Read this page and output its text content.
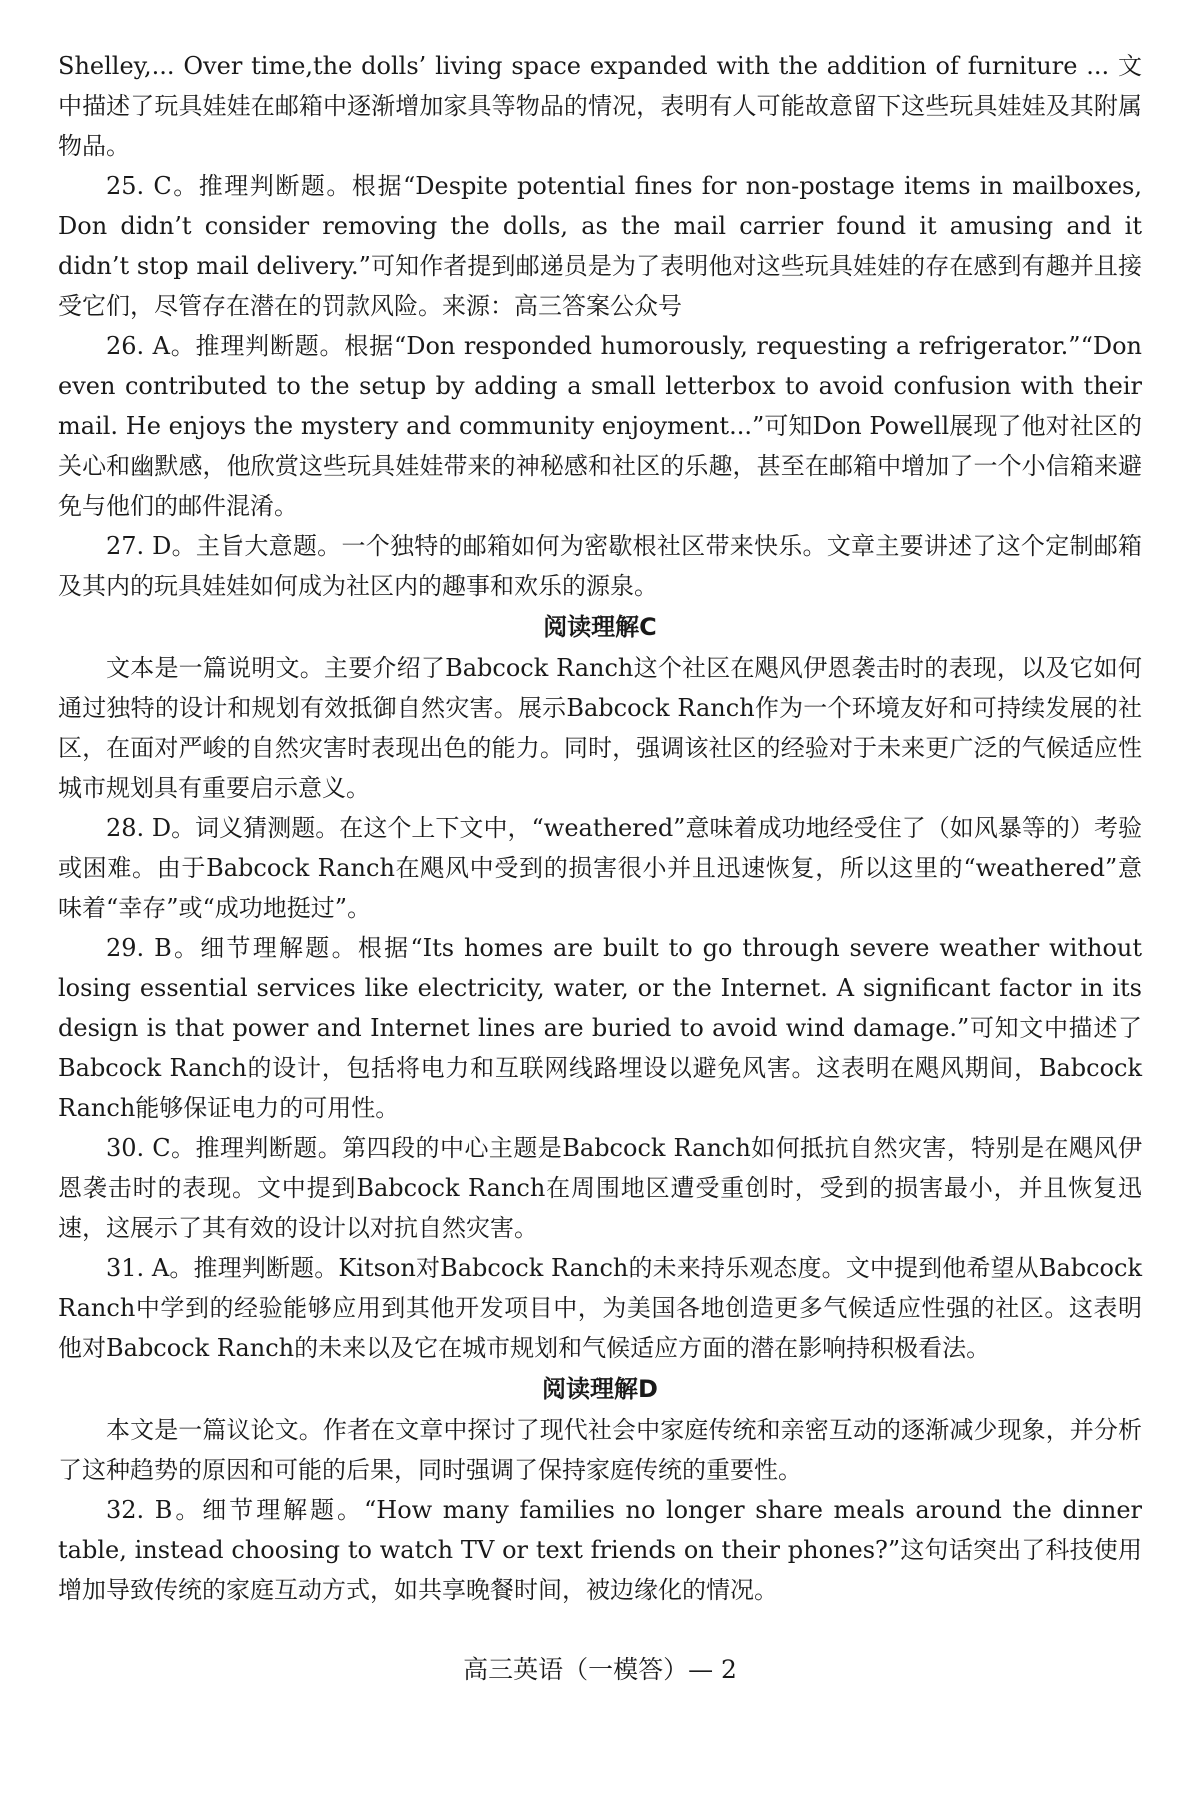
Shelley,... Over time,the dolls’ living space expanded with the addition of furniture ... 文中描述了玩具娃娃在邮箱中逐渐增加家具等物品的情况，表明有人可能故意留下这些玩具娃娃及其附属物品。

25. C。推理判断题。根据“Despite potential fines for non-postage items in mailboxes, Don didn’t consider removing the dolls, as the mail carrier found it amusing and it didn’t stop mail delivery.”可知作者提到邮递员是为了表明他对这些玩具娃娃的存在感到有趣并且接受它们，尽管存在潜在的罚款风险。来源：高三答案公众号

26. A。推理判断题。根据“Don responded humorously, requesting a refrigerator.”“Don even contributed to the setup by adding a small letterbox to avoid confusion with their mail. He enjoys the mystery and community enjoyment...”可知Don Powell展现了他对社区的关心和幽默感，他欣赏这些玩具娃娃带来的神秘感和社区的乐趣，甚至在邮箱中增加了一个小信箱来避免与他们的邮件混淆。

27. D。主旨大意题。一个独特的邮箱如何为密歇根社区带来快乐。文章主要讲述了这个定制邮箱及其内的玩具娃娃如何成为社区内的趣事和欢乐的源泉。

阅读理解C

文本是一篇说明文。主要介绍了Babcock Ranch这个社区在飓风伊恩袭击时的表现，以及它如何通过独特的设计和规划有效抵御自然灾害。展示Babcock Ranch作为一个环境友好和可持续发展的社区，在面对严峻的自然灾害时表现出色的能力。同时，强调该社区的经验对于未来更广泛的气候适应性城市规划具有重要启示意义。

28. D。词义猜测题。在这个上下文中，“weathered”意味着成功地经受住了（如风暴等的）考验或困难。由于Babcock Ranch在飓风中受到的损害很小并且迅速恢复，所以这里的“weathered”意味着“幸存”或“成功地挺过”。

29. B。细节理解题。根据“Its homes are built to go through severe weather without losing essential services like electricity, water, or the Internet. A significant factor in its design is that power and Internet lines are buried to avoid wind damage.”可知文中描述了Babcock Ranch的设计，包括将电力和互联网线路埋设以避免风害。这表明在飓风期间，Babcock Ranch能够保证电力的可用性。

30. C。推理判断题。第四段的中心主题是Babcock Ranch如何抵抗自然灾害，特别是在飓风伊恩袭击时的表现。文中提到Babcock Ranch在周围地区遭受重创时，受到的损害最小，并且恢复迅速，这展示了其有效的设计以对抗自然灾害。

31. A。推理判断题。Kitson对Babcock Ranch的未来持乐观态度。文中提到他希望从Babcock Ranch中学到的经验能够应用到其他开发项目中，为美国各地创造更多气候适应性强的社区。这表明他对Babcock Ranch的未来以及它在城市规划和气候适应方面的潜在影响持积极看法。

阅读理解D

本文是一篇议论文。作者在文章中探讨了现代社会中家庭传统和亲密互动的逐渐减少现象，并分析了这种趋势的原因和可能的后果，同时强调了保持家庭传统的重要性。

32. B。细节理解题。“How many families no longer share meals around the dinner table, instead choosing to watch TV or text friends on their phones?”这句话突出了科技使用增加导致传统的家庭互动方式，如共享晚餐时间，被边缘化的情况。

高三英语（一模答）— 2
